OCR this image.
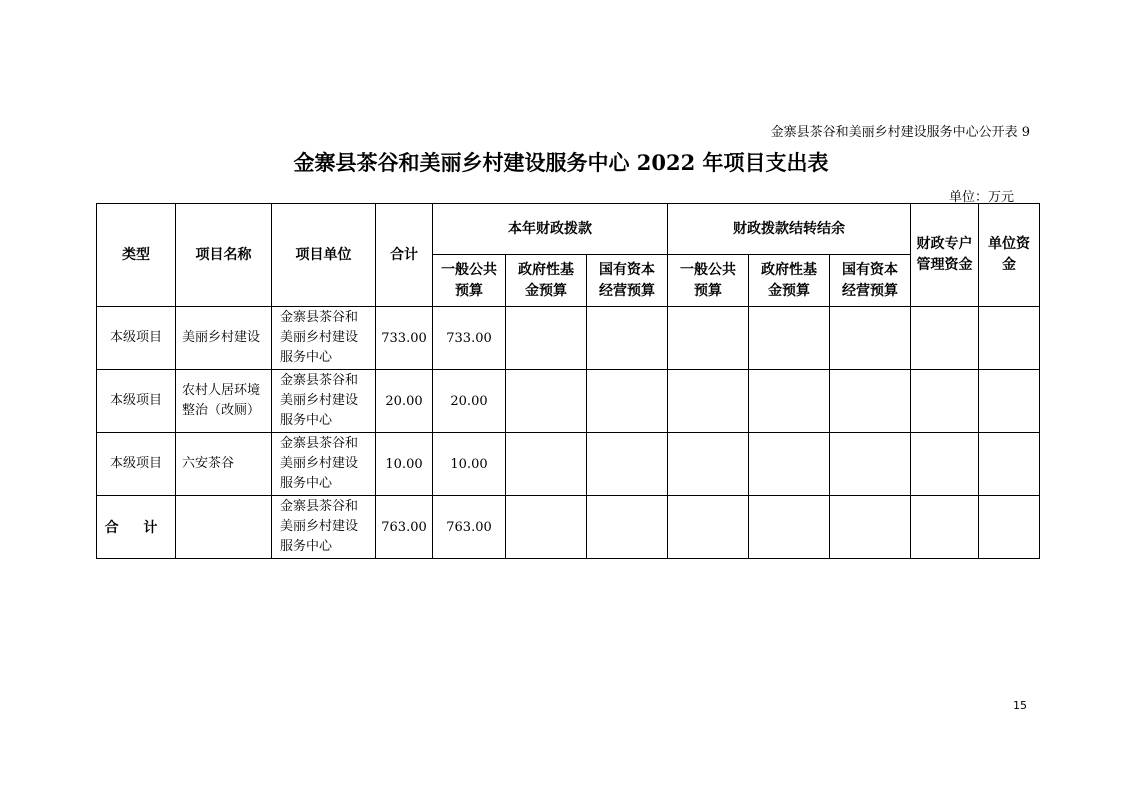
金寨县茶谷和美丽乡村建设服务中心公开表 9
金寨县茶谷和美丽乡村建设服务中心 2022 年项目支出表
单位：万元
类型	项目名称	项目单位	合计	本年财政拨款			财政拨款结转结余			财政专户管理资金	单位资金

				一般公共预算	政府性基金预算	国有资本经营预算	一般公共预算	政府性基金预算	国有资本经营预算		

本级项目	美丽乡村建设	金寨县茶谷和美丽乡村建设服务中心	733.00	733.00							
本级项目	农村人居环境整治（改厕）	金寨县茶谷和美丽乡村建设服务中心	20.00	20.00							
本级项目	六安茶谷	金寨县茶谷和美丽乡村建设服务中心	10.00	10.00							
合 计		金寨县茶谷和美丽乡村建设服务中心	763.00	763.00							
15
